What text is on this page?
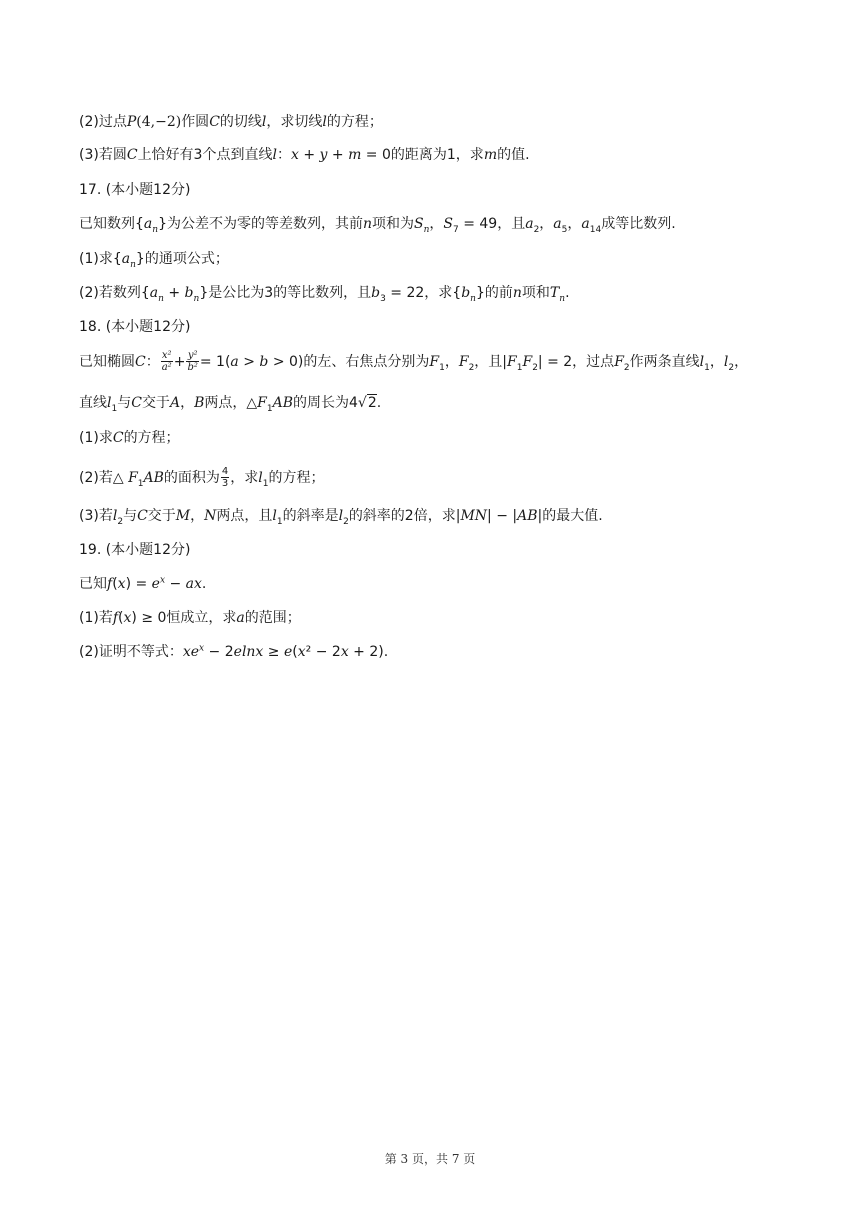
(2)过点P(4,−2)作圆C的切线l，求切线l的方程；
(3)若圆C上恰好有3个点到直线l：x + y + m = 0的距离为1，求m的值.
17. (本小题12分)
已知数列$\{a_n\}$为公差不为零的等差数列，其前n项和为$S_n$，$S_7 = 49$，且$a_2$，$a_5$，$a_{14}$成等比数列.
(1)求$\{a_n\}$的通项公式；
(2)若数列$\{a_n + b_n\}$是公比为3的等比数列，且$b_3 = 22$，求$\{b_n\}$的前n项和$T_n$.
18. (本小题12分)
已知椭圆C： $\frac{\text{x²}}{\text{a²}} + \frac{\text{y²}}{\text{b²}} = 1(a > b > 0)$的左、右焦点分别为$F_1$，$F_2$，且$|F_1F_2| = 2$，过点$F_2$作两条直线$l_1$，$l_2$，
直线$l_1$与C交于A，B两点，$\triangle F_1AB$的周长为4√2.
(1)求C的方程；
(2)若△ $F_1AB$的面积为 $\frac{4}{3}$ ，求$l_1$的方程；
(3)若$l_2$与C交于M，N两点，且$l_1$的斜率是$l_2$的斜率的2倍，求|MN| − |AB|的最大值.
19. (本小题12分)
已知$f(x) = e^x$ − ax.
(1)若f(x) ≥ 0恒成立，求a的范围；
(2)证明不等式：$xe^x - 2elnx \ge e(x^2 - 2x + 2)$.
第 3 页，共 7 页
